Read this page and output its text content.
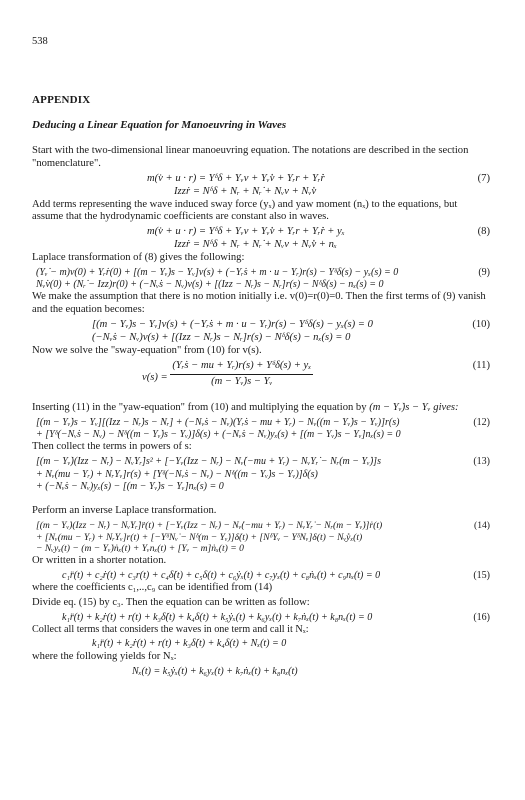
538
APPENDIX
Deducing a Linear Equation for Manoeuvring in Waves

Start with the two-dimensional linear manoeuvring equation. The notations are described in the section "nomenclature".

m(v̇ + u · r) = Yᵟδ + Yᵥv + Yᵥ̇v̇ + Yᵣr + Yᵣ̇ṙ	(7)
Iᴢᴢṙ = Nᵟδ + Nᵣ + Nᵣ̇ + Nᵥv + Nᵥ̇v̇

Add terms representing the wave induced sway force (yₓ) and yaw moment (nₓ) to the equations, but assume that the hydrodynamic coefficients are constant also in waves.

m(v̇ + u · r) = Yᵟδ + Yᵥv + Yᵥ̇v̇ + Yᵣr + Yᵣ̇ṙ + yₓ	(8)
Iᴢᴢṙ = Nᵟδ + Nᵣ + Nᵣ̇ + Nᵥv + Nᵥ̇v̇ + nₓ

Laplace transformation of (8) gives the following:

(Yᵥ̇ − m)v(0) + Yᵣ̇r(0) + [(m − Yᵥ̇)s − Yᵥ]v(s) + (−Yᵣ̇s + m · u − Yᵣ)r(s) − Yᵟδ(s) − yₓ(s) = 0	(9)
Nᵥ̇v(0) + (Nᵣ̇ − Iᴢᴢ)r(0) + (−Nᵥ̇s − Nᵥ)v(s) + [(Iᴢᴢ − Nᵣ̇)s − Nᵣ]r(s) − Nᵟδ(s) − nₓ(s) = 0

We make the assumption that there is no motion initially i.e. v(0)=r(0)=0. Then the first terms of (9) vanish and the equation becomes:

[(m − Yᵥ̇)s − Yᵥ]v(s) + (−Yᵣ̇s + m · u − Yᵣ)r(s) − Yᵟδ(s) − yₓ(s) = 0	(10)
(−Nᵥ̇s − Nᵥ)v(s) + [(Iᴢᴢ − Nᵣ̇)s − Nᵣ]r(s) − Nᵟδ(s) − nₓ(s) = 0

Now we solve the "sway-equation" from (10) for v(s).

$v(s) = \frac{\text{(Yᵣ̇s − mu + Yᵣ)r(s) + Yᵟδ(s) + yₓ}}{\text{(m − Yᵥ̇)s − Yᵥ}}$	(11)

Inserting (11) in the "yaw-equation" from (10) and multiplying the equation by (m − Yᵥ̇)s − Yᵥ gives:

[(m − Yᵥ̇)s − Yᵥ][(Iᴢᴢ − Nᵣ̇)s − Nᵣ] + (−Nᵥ̇s − Nᵥ)(Yᵣ̇s − mu + Yᵣ) − Nᵥ((m − Yᵥ̇)s − Yᵥ)]r(s)	(12)
+ [Yᵟ(−Nᵥ̇s − Nᵥ) − Nᵟ((m − Yᵥ̇)s − Yᵥ)]δ(s) + (−Nᵥ̇s − Nᵥ)yₓ(s) + [(m − Yᵥ̇)s − Yᵥ]nₓ(s) = 0

Then collect the terms in powers of s:

[(m − Yᵥ̇)(Iᴢᴢ − Nᵣ̇) − Nᵥ̇Yᵣ̇]s² + [−Yᵥ(Iᴢᴢ − Nᵣ̇) − Nᵥ̇(−mu + Yᵣ) − NᵥYᵣ̇ − Nᵣ(m − Yᵥ̇)]s	(13)
+ Nᵥ(mu − Yᵣ) + NᵣYᵥ]r(s) + [Yᵟ(−Nᵥ̇s − Nᵥ) − Nᵟ((m − Yᵥ̇)s − Yᵥ)]δ(s)
+ (−Nᵥ̇s − Nᵥ)yₓ(s) − [(m − Yᵥ̇)s − Yᵥ]nₓ(s) = 0

Perform an inverse Laplace transformation.

[(m − Yᵥ̇)(Iᴢᴢ − Nᵣ̇) − Nᵥ̇Yᵣ̇]r̈(t) + [−Yᵥ(Iᴢᴢ − Nᵣ̇) − Nᵥ̇(−mu + Yᵣ) − NᵥYᵣ̇ − Nᵣ(m − Yᵥ̇)]ṙ(t)	(14)
+ [Nᵥ(mu − Yᵣ) + NᵣYᵥ]r(t) + [−YᵟNᵥ̇ − Nᵟ(m − Yᵥ̇)]δ̇(t) + [NᵟYᵥ − YᵟNᵥ]δ(t) − Nᵥ̇ẏₓ(t)
− Nᵥyₓ(t) − (m − Yᵥ̇)ṅₓ(t) + Yᵥnₓ(t) + [Yᵥ − m]ṅₓ(t) = 0

Or written in a shorter notation.

c₁r̈(t) + c₂ṙ(t) + c₃r(t) + c₄δ̇(t) + c₅δ(t) + c₆ẏₓ(t) + c₇yₓ(t) + c₈ṅₓ(t) + c₉nₓ(t) = 0	(15)

where the coefficients c₁,..,c₉ can be identified from (14)

Divide eq. (15) by c₃. Then the equation can be written as follow:

k₁r̈(t) + k₂ṙ(t) + r(t) + k₃δ̇(t) + k₄δ(t) + k₅ẏₓ(t) + k₆yₓ(t) + k₇ṅₓ(t) + k₈nₓ(t) = 0	(16)

Collect all terms that considers the waves in one term and call it Nₓ:

k₁r̈(t) + k₂ṙ(t) + r(t) + k₃δ̇(t) + k₄δ(t) + Nₓ(t) = 0

where the following yields for Nₓ:

Nₓ(t) = k₅ẏₓ(t) + k₆yₓ(t) + k₇ṅₓ(t) + k₈nₓ(t)
